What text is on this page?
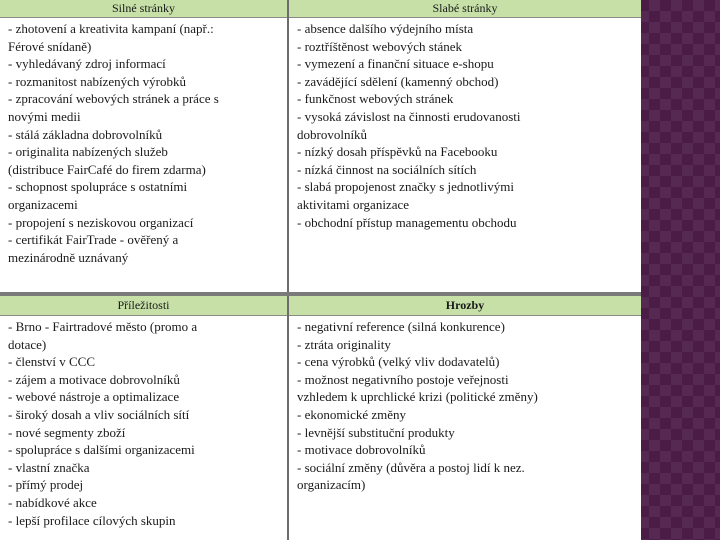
Silné stránky
- zhotovení a kreativita kampaní (např.:
Férové snídaně)
- vyhledávaný zdroj informací
- rozmanitost nabízených výrobků
- zpracování webových stránek a práce s
novými medii
- stálá základna dobrovolníků
- originalita nabízených služeb
(distribuce FairCafé do firem zdarma)
- schopnost spolupráce s ostatními
organizacemi
- propojení s neziskovou organizací
- certifikát FairTrade - ověřený a
mezinárodně uznávaný
Slabé stránky
- absence dalšího výdejního místa
- roztříštěnost webových stánek
- vymezení a finanční situace e-shopu
- zavádějící sdělení (kamenný obchod)
- funkčnost webových stránek
- vysoká závislost na činnosti erudovanosti
dobrovolníků
- nízký dosah příspěvků na Facebooku
- nízká činnost na sociálních sítích
- slabá propojenost značky s jednotlivými
aktivitami organizace
- obchodní přístup managementu obchodu
Příležitosti
- Brno - Fairtradové město (promo a
dotace)
- členství v CCC
- zájem a motivace dobrovolníků
- webové nástroje a optimalizace
- široký dosah a vliv sociálních sítí
- nové segmenty zboží
- spolupráce s dalšími organizacemi
- vlastní značka
- přímý prodej
- nabídkové akce
- lepší profilace cílových skupin
Hrozby
- negativní reference (silná konkurence)
- ztráta originality
- cena výrobků (velký vliv dodavatelů)
- možnost negativního postoje veřejnosti
vzhledem k uprchlické krizi (politické změny)
- ekonomické změny
- levnější substituční produkty
- motivace dobrovolníků
- sociální změny (důvěra a postoj lidí k nez.
organizacím)
